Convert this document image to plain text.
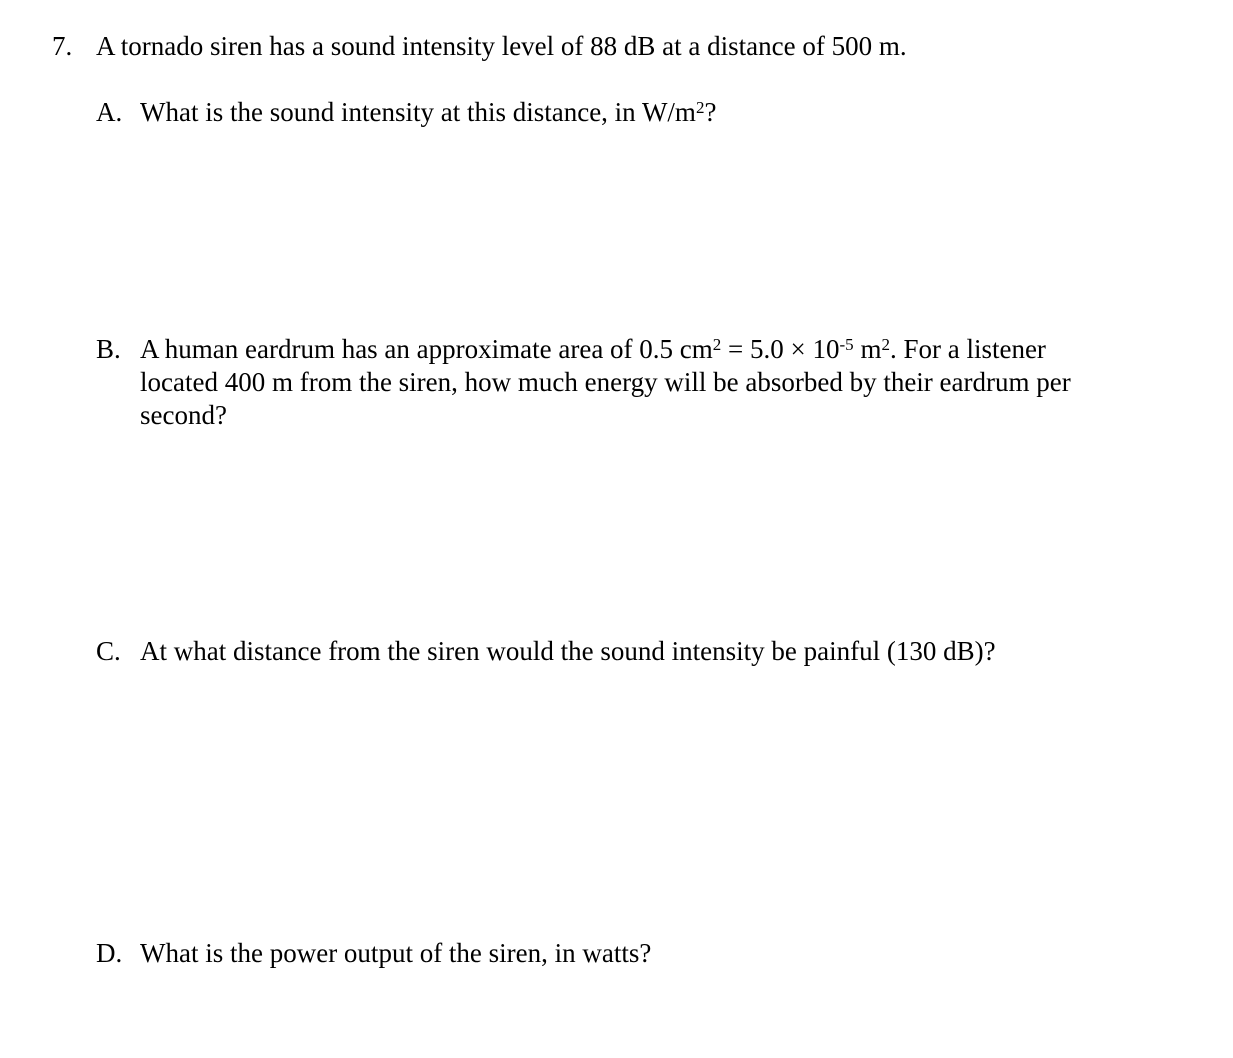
7. A tornado siren has a sound intensity level of 88 dB at a distance of 500 m.
A. What is the sound intensity at this distance, in $W/m^2$?
B. A human eardrum has an approximate area of 0.5 $cm^2 = 5.0 \times 10^{-5}$ $m^2$. For a listener
located 400 m from the siren, how much energy will be absorbed by their eardrum per
second?
C. At what distance from the siren would the sound intensity be painful (130 dB)?
D. What is the power output of the siren, in watts?
